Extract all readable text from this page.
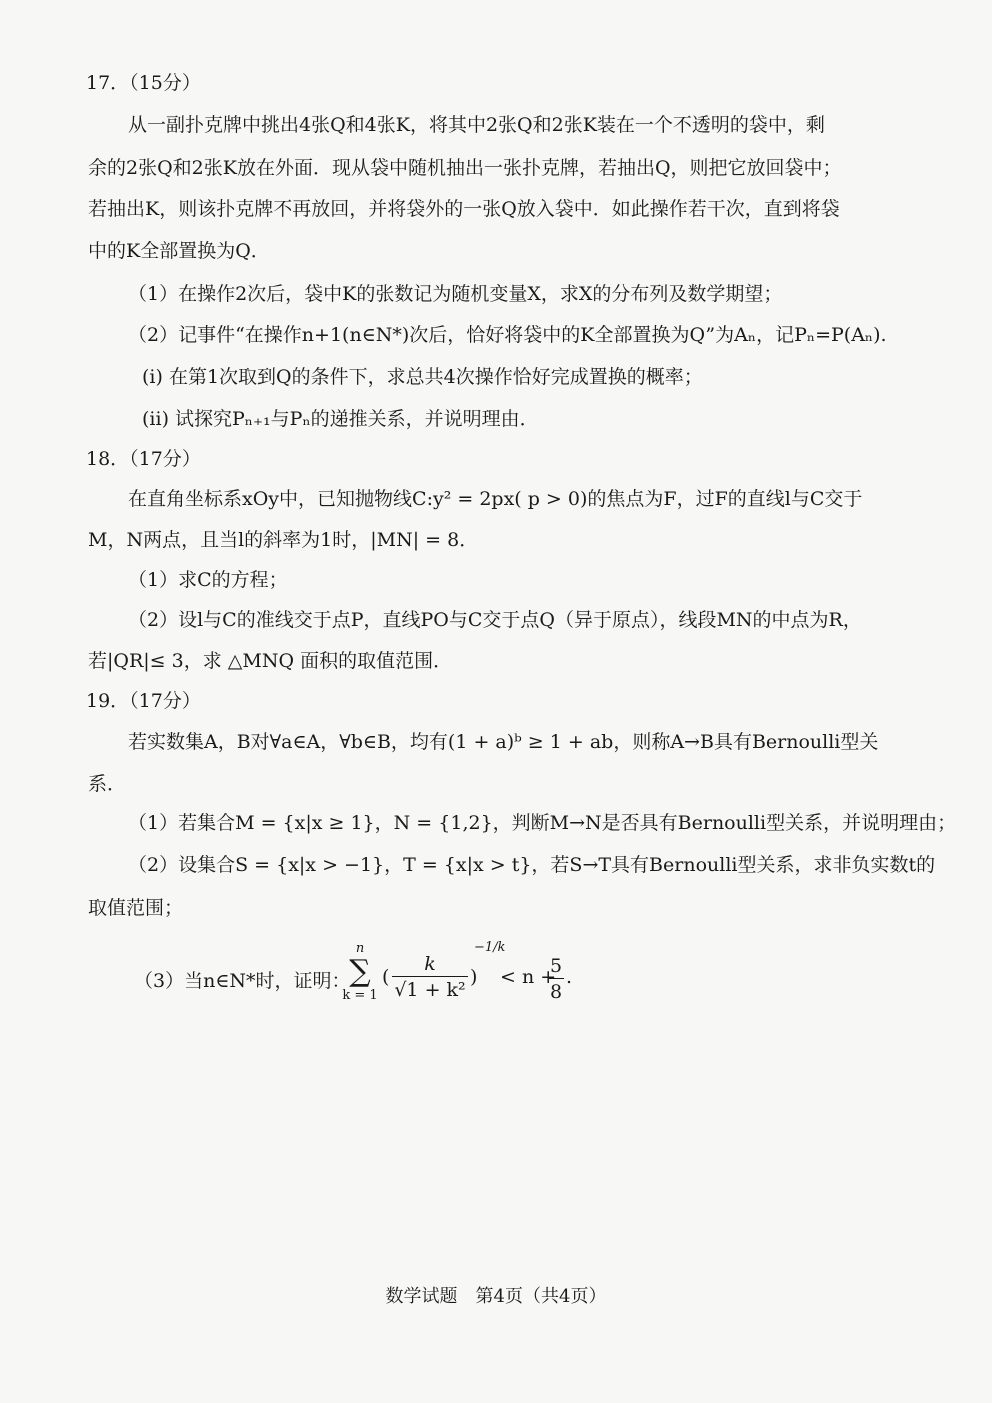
17．（15分）
从一副扑克牌中挑出4张Q和4张K，将其中2张Q和2张K装在一个不透明的袋中，剩
余的2张Q和2张K放在外面．现从袋中随机抽出一张扑克牌，若抽出Q，则把它放回袋中；
若抽出K，则该扑克牌不再放回，并将袋外的一张Q放入袋中．如此操作若干次，直到将袋
中的K全部置换为Q．
（1）在操作2次后，袋中K的张数记为随机变量X，求X的分布列及数学期望；
（2）记事件“在操作n+1(n∈N*)次后，恰好将袋中的K全部置换为Q”为Aₙ，记Pₙ=P(Aₙ).
(i) 在第1次取到Q的条件下，求总共4次操作恰好完成置换的概率；
(ii) 试探究Pₙ₊₁与Pₙ的递推关系，并说明理由．
18．（17分）
在直角坐标系xOy中，已知抛物线C:y² = 2px( p > 0)的焦点为F，过F的直线l与C交于
M，N两点，且当l的斜率为1时，|MN| = 8．
（1）求C的方程；
（2）设l与C的准线交于点P，直线PO与C交于点Q（异于原点），线段MN的中点为R，
若|QR|≤ 3，求 △MNQ 面积的取值范围．
19．（17分）
若实数集A，B对∀a∈A，∀b∈B，均有(1 + a)ᵇ ≥ 1 + ab，则称A→B具有Bernoulli型关
系．
（1）若集合M = {x|x ≥ 1}，N = {1,2}，判断M→N是否具有Bernoulli型关系，并说明理由；
（2）设集合S = {x|x > −1}，T = {x|x > t}，若S→T具有Bernoulli型关系，求非负实数t的
取值范围；
（3）当n∈N*时，证明：
n
∑
k = 1
(
k
√1 + k²
)
−1/k
< n +
5
8
.
数学试题　第4页（共4页）
